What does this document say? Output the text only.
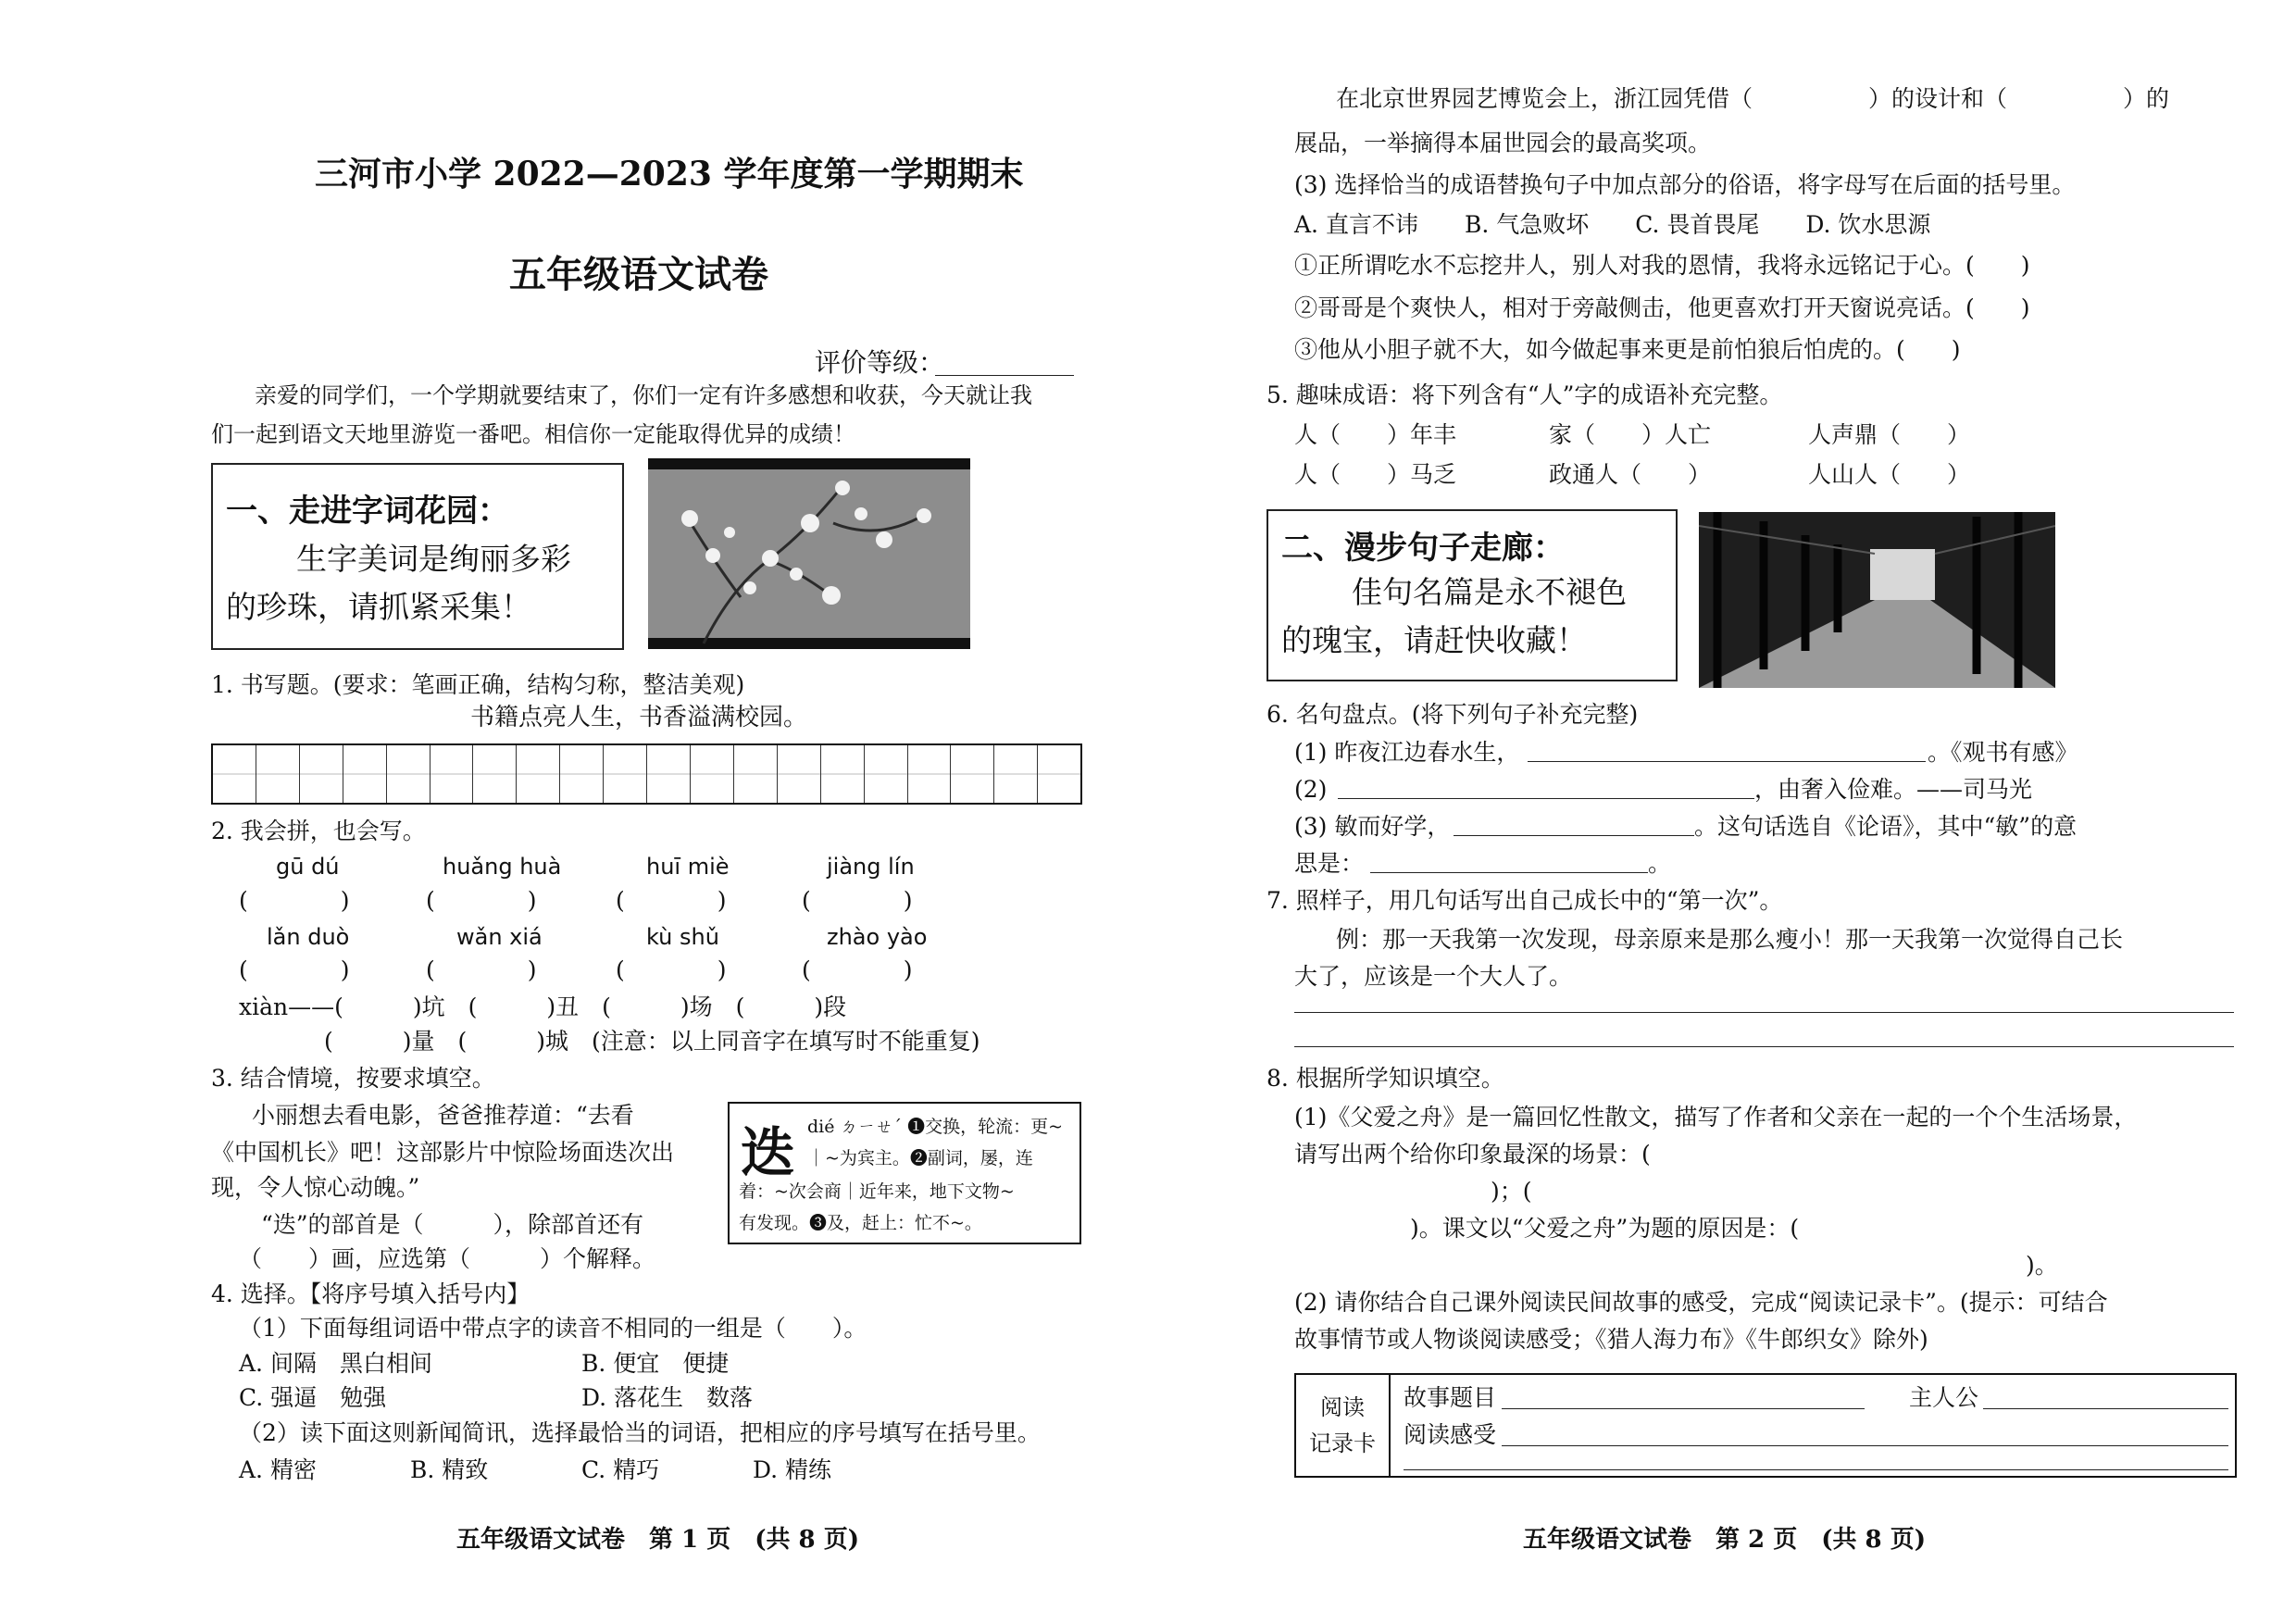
三河市小学 2022—2023 学年度第一学期期末
五年级语文试卷
评价等级：
亲爱的同学们，一个学期就要结束了，你们一定有许多感想和收获，今天就让我
们一起到语文天地里游览一番吧。相信你一定能取得优异的成绩！
一、走进字词花园：
生字美词是绚丽多彩
的珍珠，请抓紧采集！
1. 书写题。(要求：笔画正确，结构匀称，整洁美观)
书籍点亮人生，书香溢满校园。
2. 我会拼，也会写。
gū dú	huǎng huà	huī miè	jiàng lín
(　　　　)	(　　　　)	(　　　　)	(　　　　)
lǎn duò	wǎn xiá	kù shǔ	zhào yào
(　　　　)	(　　　　)	(　　　　)	(　　　　)
xiàn——(　　　)坑　(　　　)丑　(　　　)场　(　　　)段
(　　　)量　(　　　)城　(注意：以上同音字在填写时不能重复)
3. 结合情境，按要求填空。
小丽想去看电影，爸爸推荐道：“去看
《中国机长》吧！这部影片中惊险场面迭次出
现，令人惊心动魄。”
“迭”的部首是（　　　），除部首还有
（　　）画，应选第（　　　）个解释。
迭 dié ㄉㄧㄝˊ ❶交换，轮流：更~
｜~为宾主。❷副词，屡，连
着：~次会商｜近年来，地下文物~
有发现。❸及，赶上：忙不~。
4. 选择。【将序号填入括号内】
（1）下面每组词语中带点字的读音不相同的一组是（　　）。
A. 间隔　黑白相间	B. 便宜　便捷
C. 强逼　勉强	D. 落花生　数落
（2）读下面这则新闻简讯，选择最恰当的词语，把相应的序号填写在括号里。
A. 精密	B. 精致	C. 精巧	D. 精练
五年级语文试卷　第 1 页　(共 8 页)
在北京世界园艺博览会上，浙江园凭借（　　　　　）的设计和（　　　　　）的
展品，一举摘得本届世园会的最高奖项。
(3) 选择恰当的成语替换句子中加点部分的俗语，将字母写在后面的括号里。
A. 直言不讳　　B. 气急败坏　　C. 畏首畏尾　　D. 饮水思源
①正所谓吃水不忘挖井人，别人对我的恩情，我将永远铭记于心。(　　)
②哥哥是个爽快人，相对于旁敲侧击，他更喜欢打开天窗说亮话。(　　)
③他从小胆子就不大，如今做起事来更是前怕狼后怕虎的。(　　)
5. 趣味成语：将下列含有“人”字的成语补充完整。
人（　　）年丰	家（　　）人亡	人声鼎（　　）
人（　　）马乏	政通人（　　）	人山人（　　）
二、漫步句子走廊：
佳句名篇是永不褪色
的瑰宝，请赶快收藏！
6. 名句盘点。(将下列句子补充完整)
(1) 昨夜江边春水生，	。《观书有感》
(2)	，由奢入俭难。——司马光
(3) 敏而好学，	。这句话选自《论语》，其中“敏”的意
思是：	。
7. 照样子，用几句话写出自己成长中的“第一次”。
例：那一天我第一次发现，母亲原来是那么瘦小！那一天我第一次觉得自己长
大了，应该是一个大人了。
8. 根据所学知识填空。
(1)《父爱之舟》是一篇回忆性散文，描写了作者和父亲在一起的一个个生活场景，
请写出两个给你印象最深的场景：(
)；(
)。课文以“父爱之舟”为题的原因是：(
)。
(2) 请你结合自己课外阅读民间故事的感受，完成“阅读记录卡”。(提示：可结合
故事情节或人物谈阅读感受；《猎人海力布》《牛郎织女》除外)
阅读
记录卡	
故事题目	主人公
阅读感受
五年级语文试卷　第 2 页　(共 8 页)
